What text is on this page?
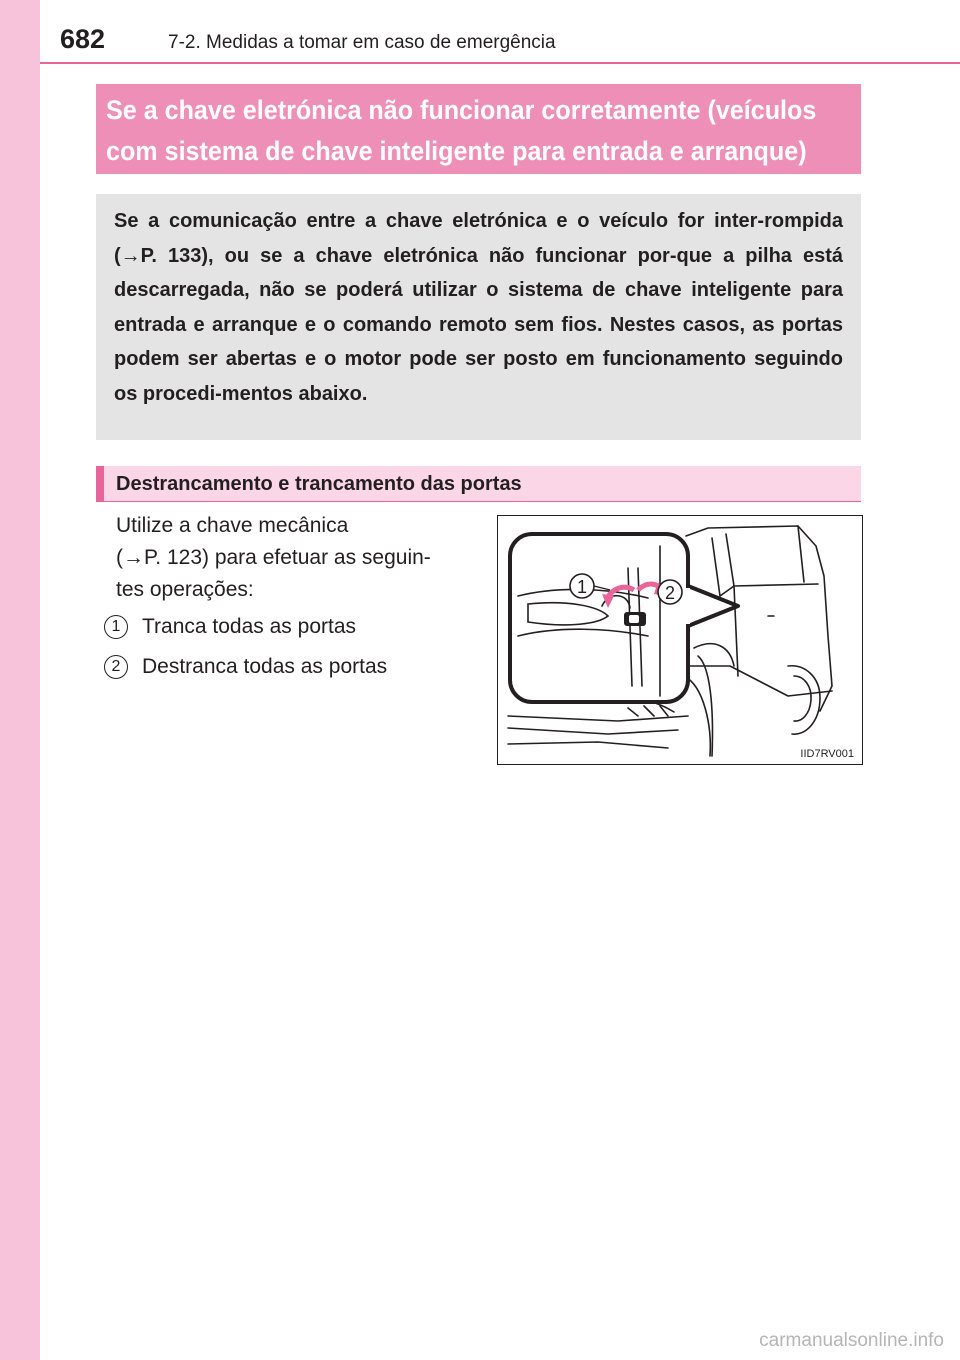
682	7-2. Medidas a tomar em caso de emergência
Se a chave eletrónica não funcionar corretamente (veículos
com sistema de chave inteligente para entrada e arranque)

Se a comunicação entre a chave eletrónica e o veículo for inter-rompida (→P. 133), ou se a chave eletrónica não funcionar por-que a pilha está descarregada, não se poderá utilizar o sistema de chave inteligente para entrada e arranque e o comando remoto sem fios. Nestes casos, as portas podem ser abertas e o motor pode ser posto em funcionamento seguindo os procedi-mentos abaixo.

Destrancamento e trancamento das portas
Utilize a chave mecânica
(→P. 123) para efetuar as seguin-
tes operações:
1 Tranca todas as portas
2 Destranca todas as portas
1	2
IID7RV001
carmanualsonline.info
